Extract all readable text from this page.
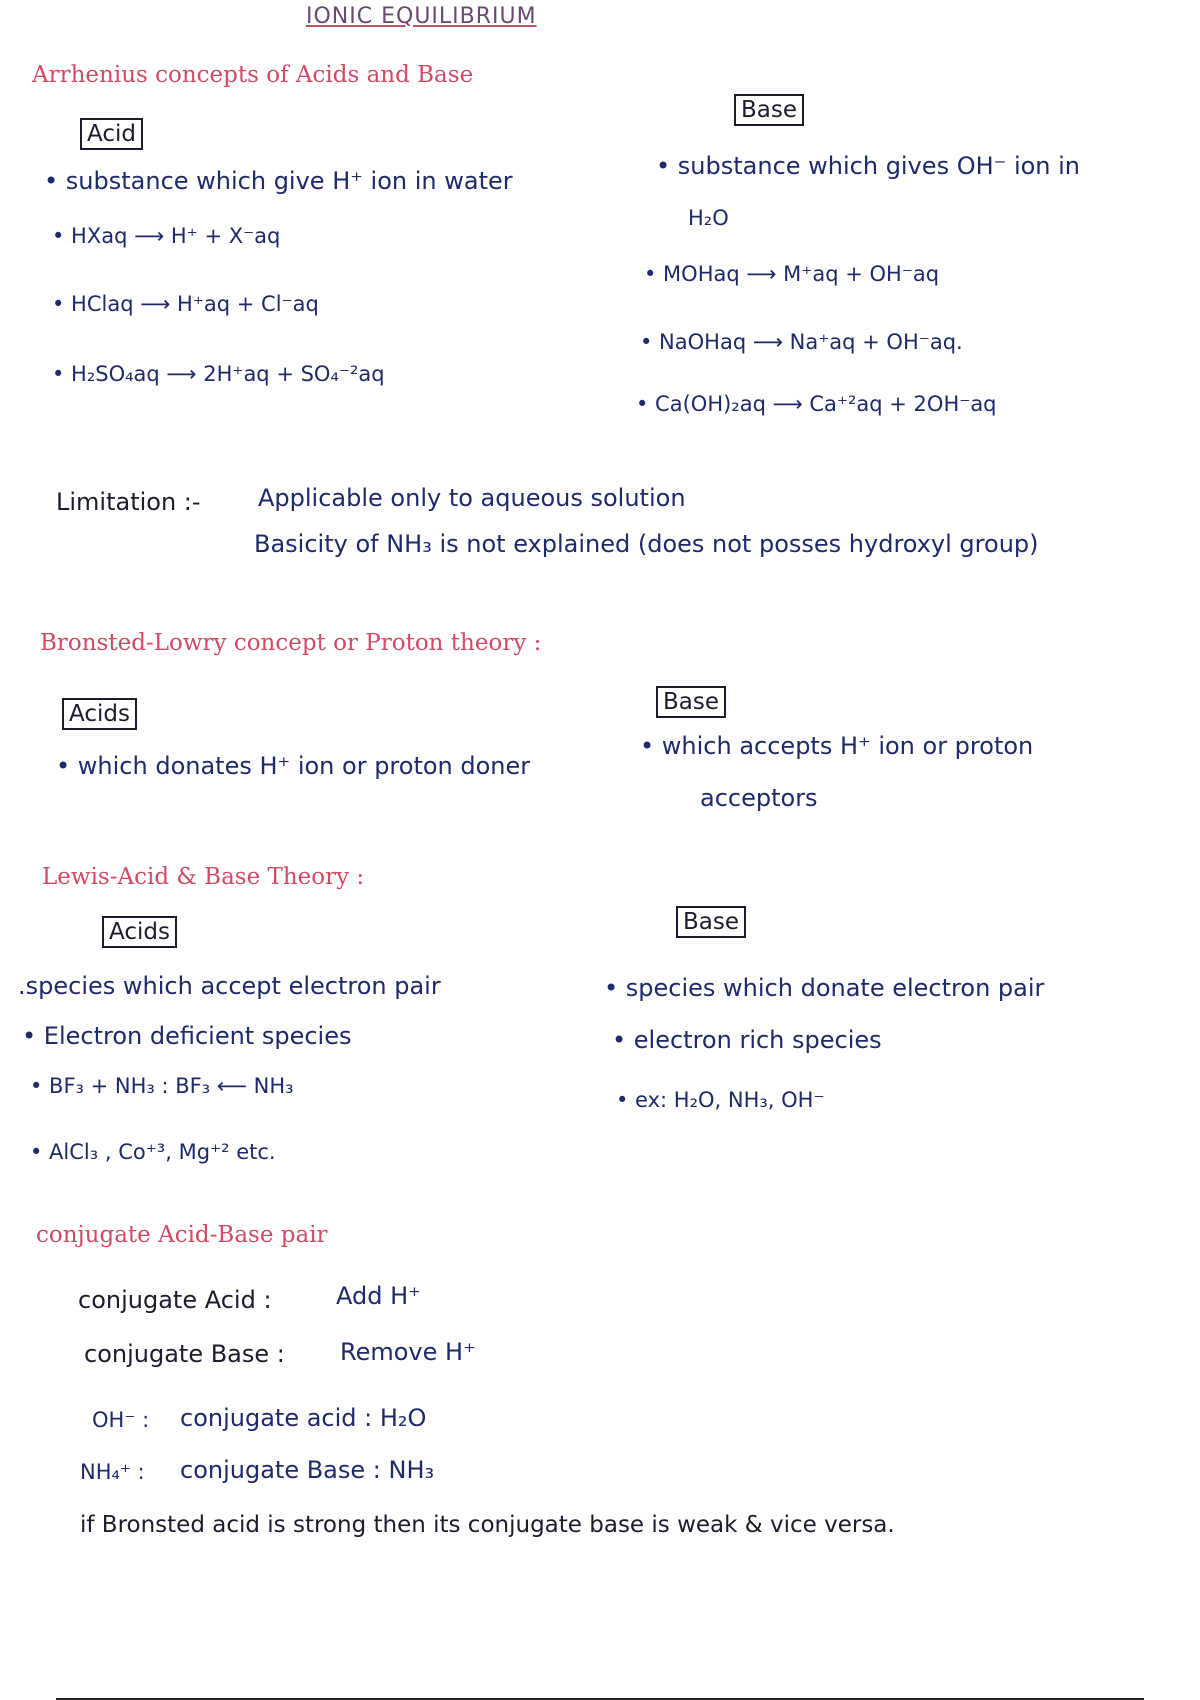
IONIC EQUILIBRIUM
Arrhenius concepts of Acids and Base
Acid
Base
• substance which give H⁺ ion in water
• HXaq ⟶ H⁺ + X⁻aq
• HClaq ⟶ H⁺aq + Cl⁻aq
• H₂SO₄aq ⟶ 2H⁺aq + SO₄⁻²aq
• substance which gives OH⁻ ion in
H₂O
• MOHaq ⟶ M⁺aq + OH⁻aq
• NaOHaq ⟶ Na⁺aq + OH⁻aq.
• Ca(OH)₂aq ⟶ Ca⁺²aq + 2OH⁻aq
Limitation :- Applicable only to aqueous solution
Basicity of NH₃ is not explained (does not posses hydroxyl group)
Bronsted-Lowry concept or Proton theory :
Acids	Base
• which donates H⁺ ion or proton doner
• which accepts H⁺ ion or proton
acceptors
Lewis-Acid & Base Theory :
Acids	Base
.species which accept electron pair
• Electron deficient species
• BF₃ + NH₃ : BF₃ ⟵ NH₃
• AlCl₃ , Co⁺³, Mg⁺² etc.
• species which donate electron pair
• electron rich species
• ex: H₂O, NH₃, OH⁻
conjugate Acid-Base pair
conjugate Acid :	Add H⁺
conjugate Base : Remove H⁺
OH⁻ : conjugate acid : H₂O
NH₄⁺ : conjugate Base : NH₃
if Bronsted acid is strong then its conjugate base is weak & vice versa.
